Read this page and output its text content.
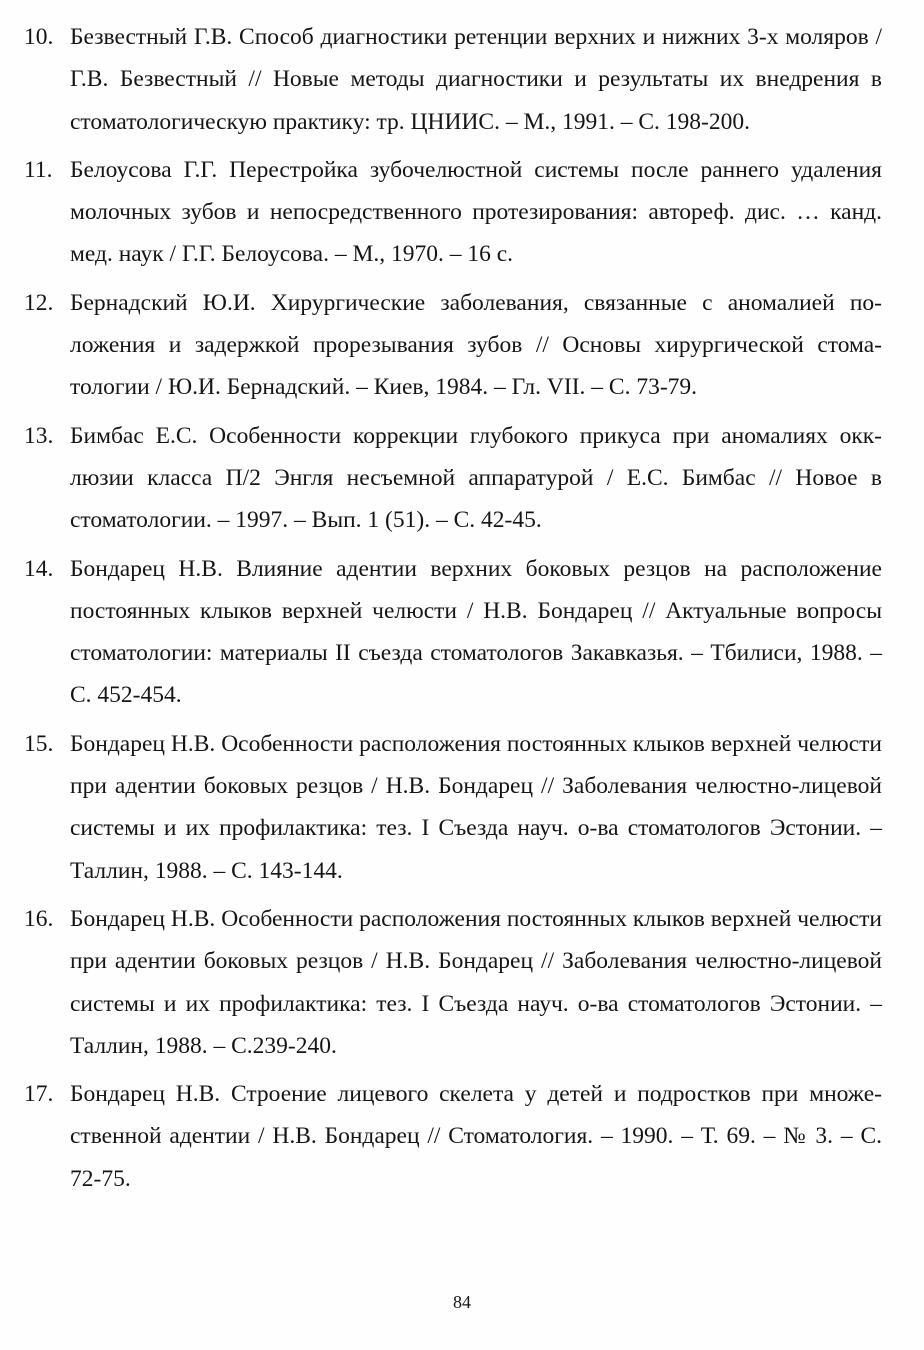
10. Безвестный Г.В. Способ диагностики ретенции верхних и нижних 3-х моляров / Г.В. Безвестный // Новые методы диагностики и результаты их внедрения в стоматологическую практику: тр. ЦНИИС. – М., 1991. – С. 198-200.
11. Белоусова Г.Г. Перестройка зубочелюстной системы после раннего удаления молочных зубов и непосредственного протезирования: автореф. дис. … канд. мед. наук / Г.Г. Белоусова. – М., 1970. – 16 с.
12. Бернадский Ю.И. Хирургические заболевания, связанные с аномалией положения и задержкой прорезывания зубов // Основы хирургической стоматологии / Ю.И. Бернадский. – Киев, 1984. – Гл. VII. – С. 73-79.
13. Бимбас Е.С. Особенности коррекции глубокого прикуса при аномалиях окклюзии класса П/2 Энгля несъемной аппаратурой / Е.С. Бимбас // Новое в стоматологии. – 1997. – Вып. 1 (51). – С. 42-45.
14. Бондарец Н.В. Влияние адентии верхних боковых резцов на расположение постоянных клыков верхней челюсти / Н.В. Бондарец // Актуальные вопросы стоматологии: материалы II съезда стоматологов Закавказья. – Тбилиси, 1988. – С. 452-454.
15. Бондарец Н.В. Особенности расположения постоянных клыков верхней челюсти при адентии боковых резцов / Н.В. Бондарец // Заболевания челюстно-лицевой системы и их профилактика: тез. I Съезда науч. о-ва стоматологов Эстонии. – Таллин, 1988. – С. 143-144.
16. Бондарец Н.В. Особенности расположения постоянных клыков верхней челюсти при адентии боковых резцов / Н.В. Бондарец // Заболевания челюстно-лицевой системы и их профилактика: тез. I Съезда науч. о-ва стоматологов Эстонии. – Таллин, 1988. – С.239-240.
17. Бондарец Н.В. Строение лицевого скелета у детей и подростков при множественной адентии / Н.В. Бондарец // Стоматология. – 1990. – Т. 69. – № 3. – С. 72-75.
84
